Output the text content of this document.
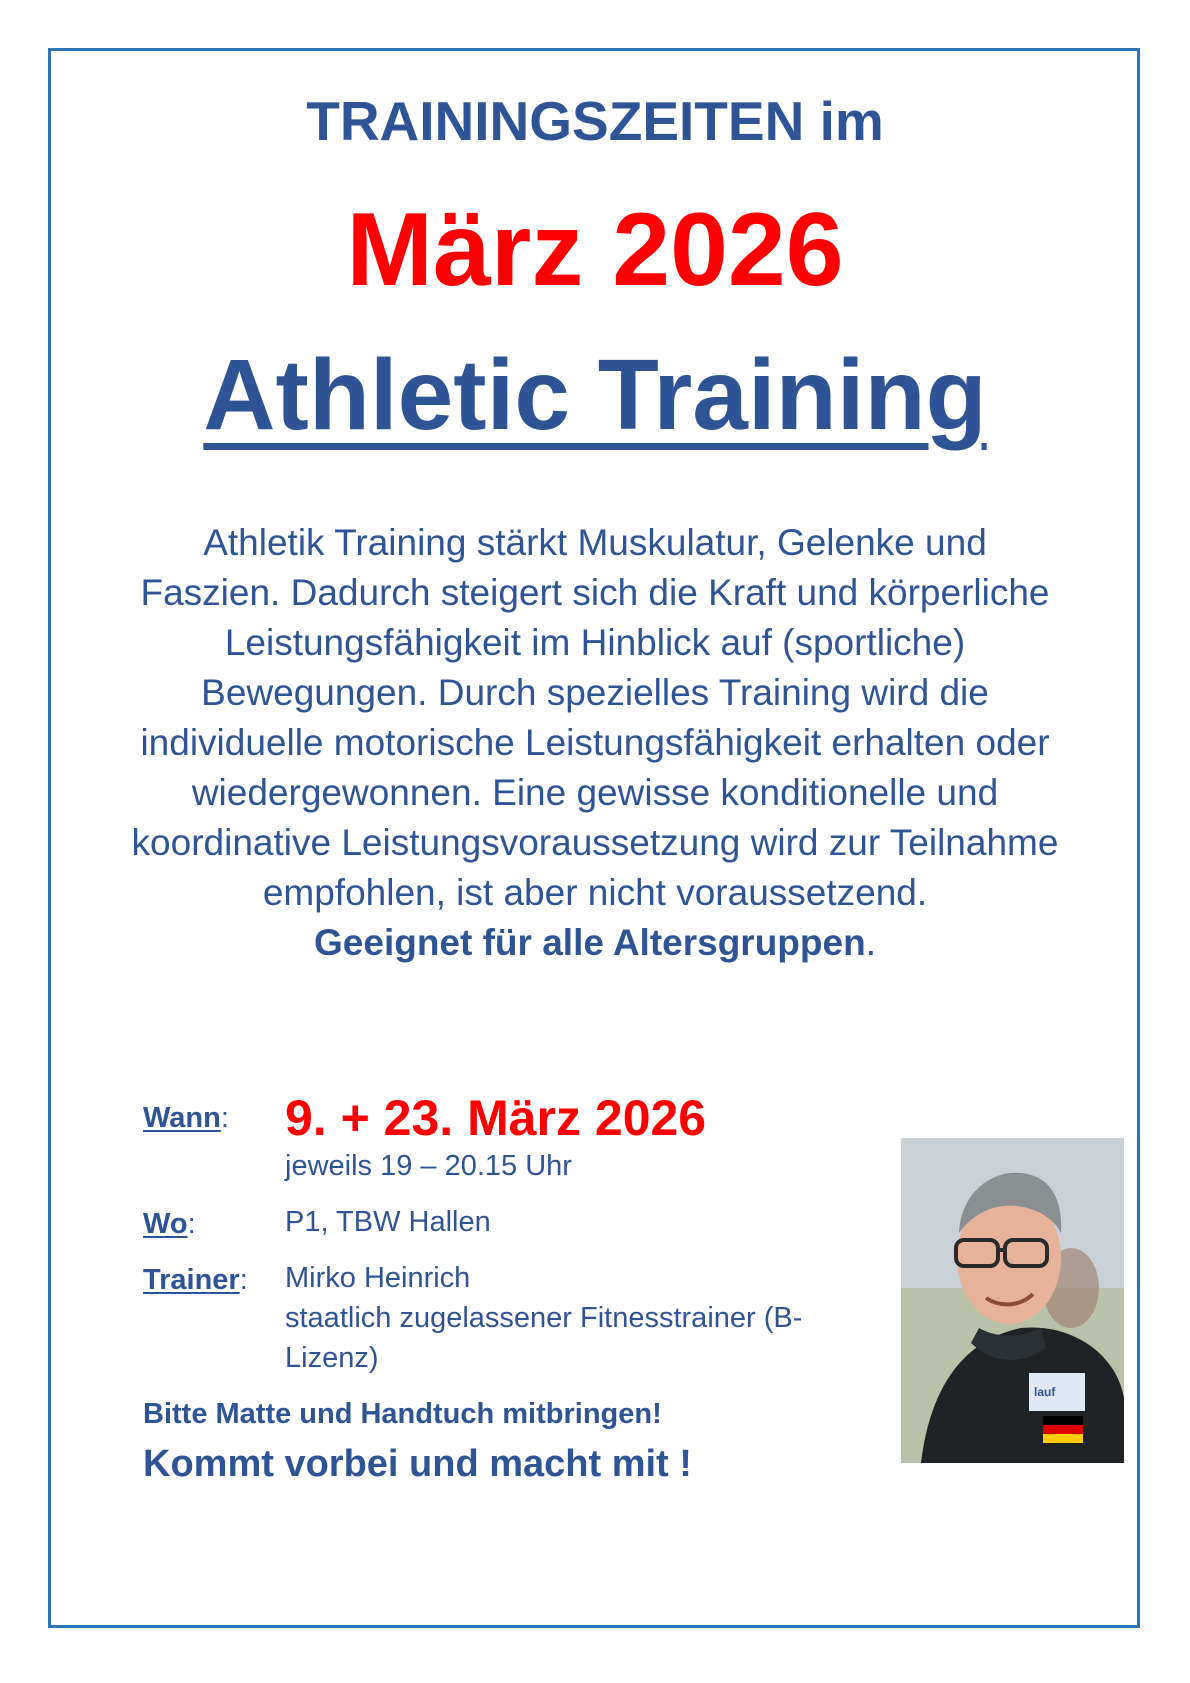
TRAININGSZEITEN im
März 2026
Athletic Training
Athletik Training stärkt Muskulatur, Gelenke und Faszien. Dadurch steigert sich die Kraft und körperliche Leistungsfähigkeit im Hinblick auf (sportliche) Bewegungen. Durch spezielles Training wird die individuelle motorische Leistungsfähigkeit erhalten oder wiedergewonnen. Eine gewisse konditionelle und koordinative Leistungsvoraussetzung wird zur Teilnahme empfohlen, ist aber nicht voraussetzend.
Geeignet für alle Altersgruppen.
Wann: 9. + 23. März 2026
jeweils 19 – 20.15 Uhr
Wo:	P1, TBW Hallen
Trainer: Mirko Heinrich
staatlich zugelassener Fitnesstrainer (B-Lizenz)
Bitte Matte und Handtuch mitbringen!
Kommt vorbei und macht mit !
lauf
